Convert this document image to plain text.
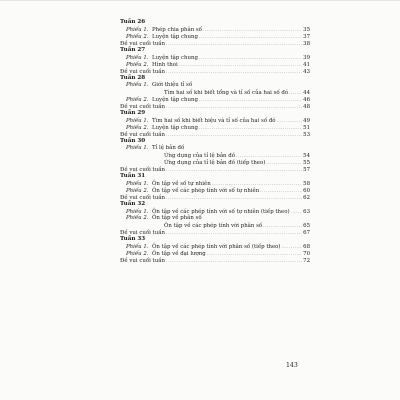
Tuần 26
Phiếu 1. Phép chia phân số .....	35
Phiếu 2. Luyện tập chung .....	37
Đề vui cuối tuần .....	38
Tuần 27
Phiếu 1. Luyện tập chung .....	39
Phiếu 2. Hình thoi .....	41
Đề vui cuối tuần .....	43
Tuần 28
Phiếu 1. Giới thiệu tỉ số
Tìm hai số khi biết tổng và tỉ số của hai số đó .....	44
Phiếu 2. Luyện tập chung .....	46
Đề vui cuối tuần .....	48
Tuần 29
Phiếu 1. Tìm hai số khi biết hiệu và tỉ số của hai số đó .....	49
Phiếu 2. Luyện tập chung .....	51
Đề vui cuối tuần .....	53
Tuần 30
Phiếu 1. Tỉ lệ bản đồ
Ứng dụng của tỉ lệ bản đồ .....	54
Ứng dụng của tỉ lệ bản đồ (tiếp theo) .....	55
Đề vui cuối tuần .....	57
Tuần 31
Phiếu 1. Ôn tập về số tự nhiên .....	58
Phiếu 2. Ôn tập về các phép tính với số tự nhiên .....	60
Đề vui cuối tuần .....	62
Tuần 32
Phiếu 1. Ôn tập về các phép tính với số tự nhiên (tiếp theo) .....	63
Phiếu 2. Ôn tập về phân số
Ôn tập về các phép tính với phân số .....	65
Đề vui cuối tuần .....	67
Tuần 33
Phiếu 1. Ôn tập về các phép tính với phân số (tiếp theo) .....	68
Phiếu 2. Ôn tập về đại lượng .....	70
Đề vui cuối tuần .....	72
143
